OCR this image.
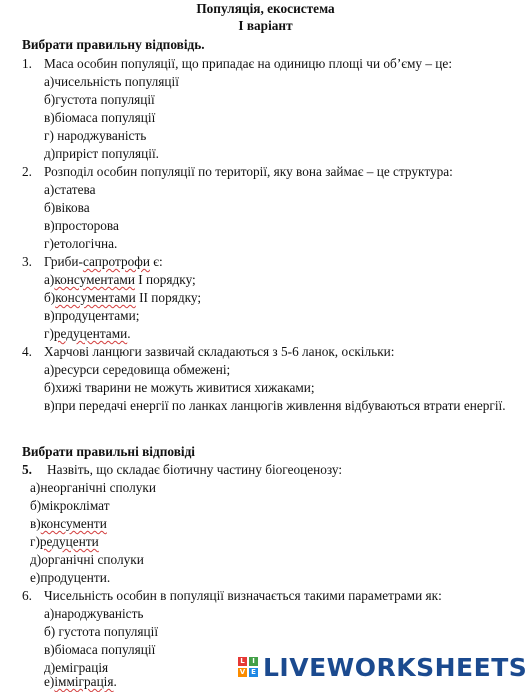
Популяція, екосистема
І варіант
Вибрати правильну відповідь.
1. Маса особин популяції, що припадає на одиницю площі чи об’єму – це:
а)чисельність популяції
б)густота популяції
в)біомаса популяції
г) народжуваність
д)приріст популяції.
2. Розподіл особин популяції по території, яку вона займає – це структура:
а)статева
б)вікова
в)просторова
г)етологічна.
3. Гриби-сапротрофи є:
а)консументами І порядку;
б)консументами ІІ порядку;
в)продуцентами;
г)редуцентами.
4. Харчові ланцюги зазвичай складаються з 5-6 ланок, оскільки:
а)ресурси середовища обмежені;
б)хижі тварини не можуть живитися хижаками;
в)при передачі енергії по ланках ланцюгів живлення відбуваються втрати енергії.
Вибрати правильні відповіді
5. Назвіть, що складає біотичну частину біогеоценозу:
а)неорганічні сполуки
б)мікроклімат
в)консументи
г)редуценти
д)органічні сполуки
е)продуценти.
6. Чисельність особин в популяції визначається такими параметрами як:
а)народжуваність
б) густота популяції
в)біомаса популяції
д)еміграція
е)імміграція.
L	I
V E LIVEWORKSHEETS
